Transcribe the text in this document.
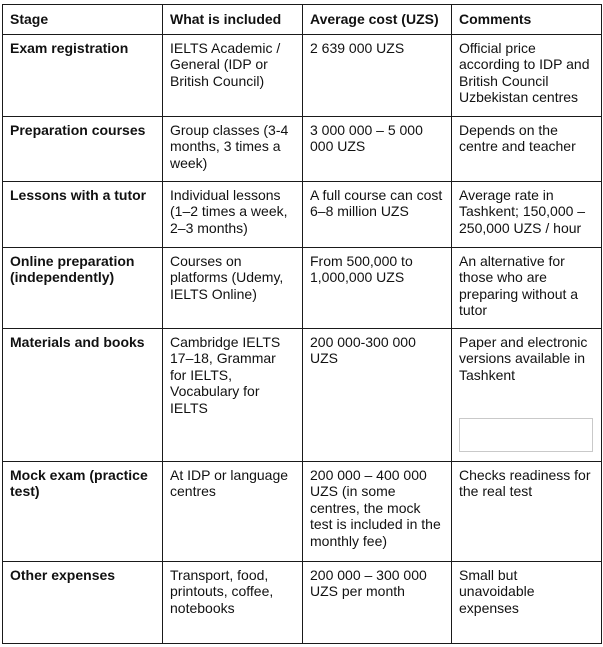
Stage	What is included	Average cost (UZS)	Comments
Exam registration	IELTS Academic / General (IDP or British Council)	2 639 000 UZS	Official price according to IDP and British Council Uzbekistan centres
Preparation courses	Group classes (3-4 months, 3 times a week)	3 000 000 – 5 000 000 UZS	Depends on the centre and teacher
Lessons with a tutor	Individual lessons (1–2 times a week, 2–3 months)	A full course can cost 6–8 million UZS	Average rate in Tashkent; 150,000 – 250,000 UZS / hour
Online preparation (independently)	Courses on platforms (Udemy, IELTS Online)	From 500,000 to 1,000,000 UZS	An alternative for those who are preparing without a tutor
Materials and books	Cambridge IELTS 17–18, Grammar for IELTS, Vocabulary for IELTS	200 000-300 000 UZS	Paper and electronic versions available in Tashkent

Mock exam (practice test)	At IDP or language centres	200 000 – 400 000 UZS (in some centres, the mock test is included in the monthly fee)	Checks readiness for the real test
Other expenses	Transport, food, printouts, coffee, notebooks	200 000 – 300 000 UZS per month	Small but unavoidable expenses
